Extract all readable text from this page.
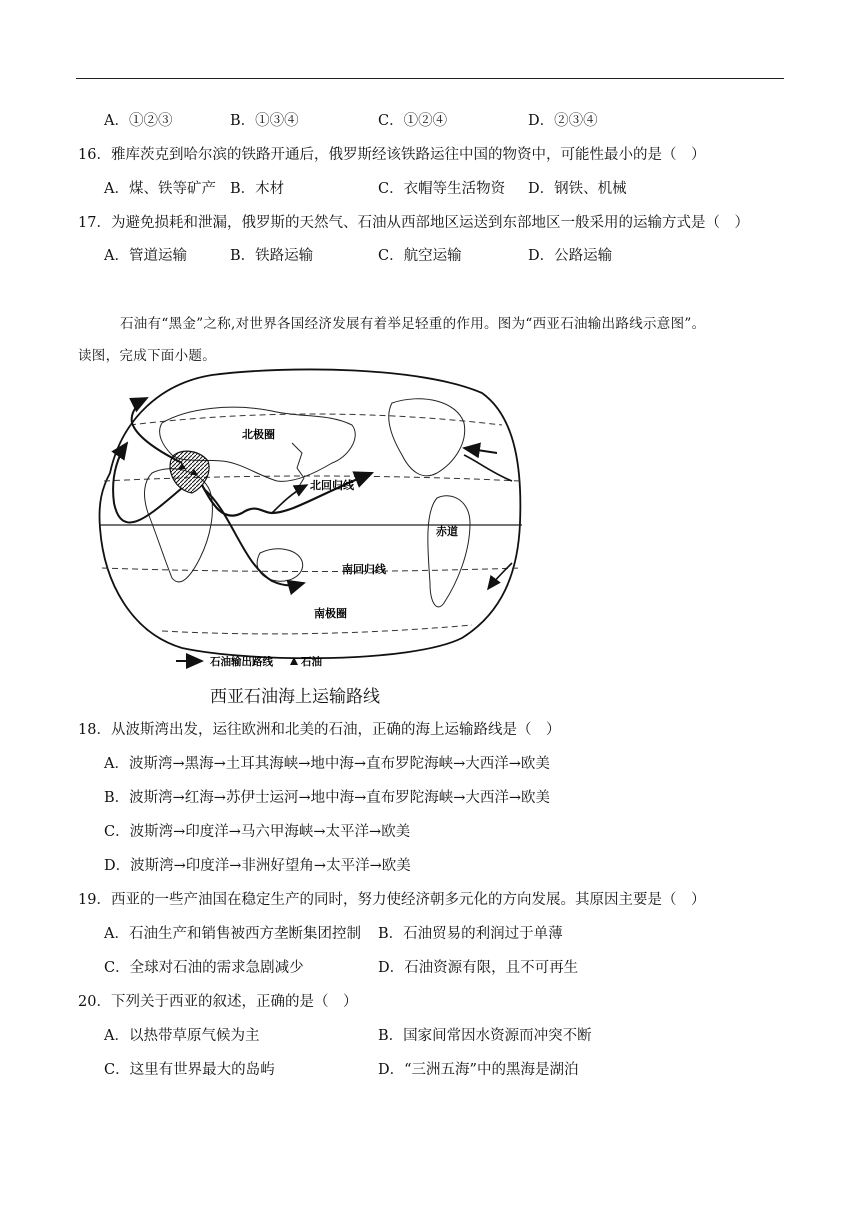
A．①②③	B．①③④	C．①②④	D．②③④
16．雅库茨克到哈尔滨的铁路开通后，俄罗斯经该铁路运往中国的物资中，可能性最小的是（　）
A．煤、铁等矿产 B．木材	C．衣帽等生活物资 D．钢铁、机械
17．为避免损耗和泄漏，俄罗斯的天然气、石油从西部地区运送到东部地区一般采用的运输方式是（　）
A．管道运输	B．铁路运输	C．航空运输	D．公路运输
石油有“黑金”之称,对世界各国经济发展有着举足轻重的作用。图为“西亚石油输出路线示意图”。
读图，完成下面小题。
北极圈
北回归线
赤道
南回归线
南极圈
石油输出路线	石油
西亚石油海上运输路线
18．从波斯湾出发，运往欧洲和北美的石油，正确的海上运输路线是（　）
A．波斯湾→黑海→土耳其海峡→地中海→直布罗陀海峡→大西洋→欧美
B．波斯湾→红海→苏伊士运河→地中海→直布罗陀海峡→大西洋→欧美
C．波斯湾→印度洋→马六甲海峡→太平洋→欧美
D．波斯湾→印度洋→非洲好望角→太平洋→欧美
19．西亚的一些产油国在稳定生产的同时，努力使经济朝多元化的方向发展。其原因主要是（　）
A．石油生产和销售被西方垄断集团控制 B．石油贸易的利润过于单薄
C．全球对石油的需求急剧减少	D．石油资源有限，且不可再生
20．下列关于西亚的叙述，正确的是（　）
A．以热带草原气候为主	B．国家间常因水资源而冲突不断
C．这里有世界最大的岛屿	D．“三洲五海”中的黑海是湖泊
